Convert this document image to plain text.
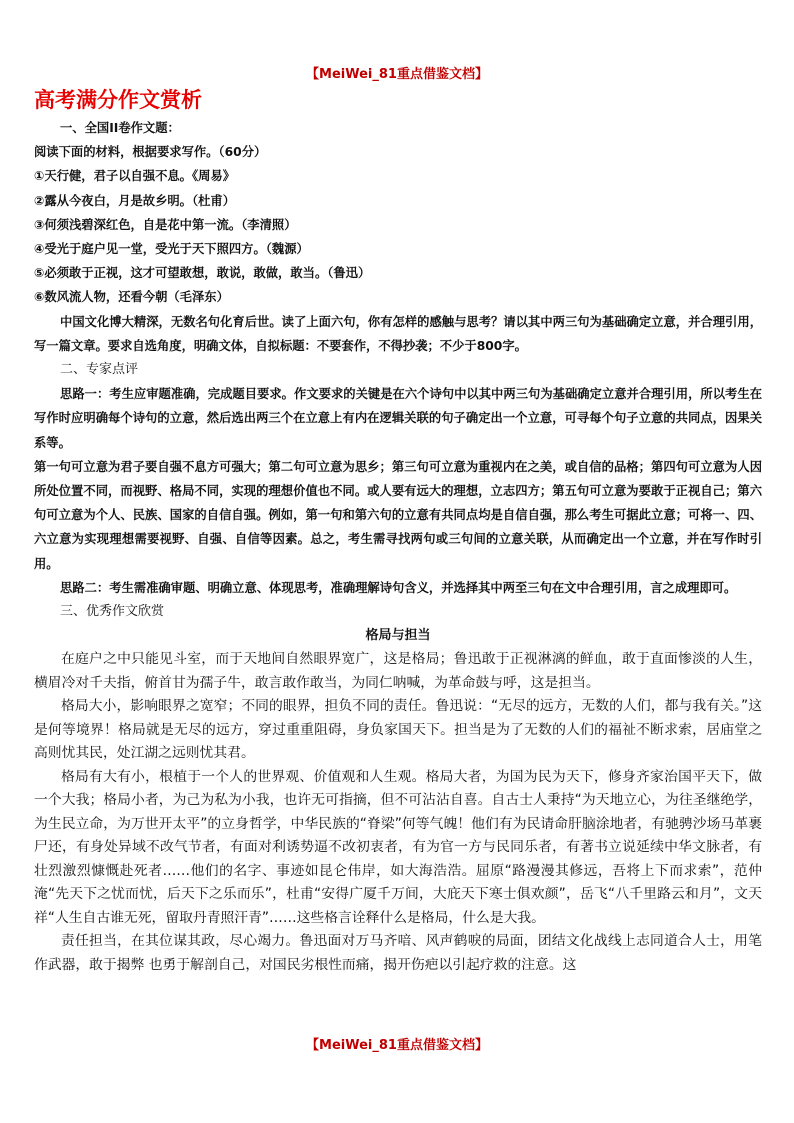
【MeiWei_81重点借鉴文档】
高考满分作文赏析

一、全国II卷作文题：

阅读下面的材料，根据要求写作。（60分）

①天行健，君子以自强不息。《周易》

②露从今夜白，月是故乡明。（杜甫）

③何须浅碧深红色，自是花中第一流。（李清照）

④受光于庭户见一堂，受光于天下照四方。（魏源）

⑤必须敢于正视，这才可望敢想，敢说，敢做，敢当。（鲁迅）

⑥数风流人物，还看今朝（毛泽东）

中国文化博大精深，无数名句化育后世。读了上面六句，你有怎样的感触与思考？请以其中两三句为基础确定立意，并合理引用，写一篇文章。要求自选角度，明确文体，自拟标题：不要套作，不得抄袭；不少于800字。

二、专家点评

思路一：考生应审题准确，完成题目要求。作文要求的关键是在六个诗句中以其中两三句为基础确定立意并合理引用，所以考生在写作时应明确每个诗句的立意，然后选出两三个在立意上有内在逻辑关联的句子确定出一个立意，可寻每个句子立意的共同点，因果关系等。

第一句可立意为君子要自强不息方可强大；第二句可立意为思乡；第三句可立意为重视内在之美，或自信的品格；第四句可立意为人因所处位置不同，而视野、格局不同，实现的理想价值也不同。或人要有远大的理想，立志四方；第五句可立意为要敢于正视自己；第六句可立意为个人、民族、国家的自信自强。例如，第一句和第六句的立意有共同点均是自信自强，那么考生可据此立意；可将一、四、六立意为实现理想需要视野、自强、自信等因素。总之，考生需寻找两句或三句间的立意关联，从而确定出一个立意，并在写作时引用。

思路二：考生需准确审题、明确立意、体现思考，准确理解诗句含义，并选择其中两至三句在文中合理引用，言之成理即可。

三、优秀作文欣赏

格局与担当

在庭户之中只能见斗室，而于天地间自然眼界宽广，这是格局；鲁迅敢于正视淋漓的鲜血，敢于直面惨淡的人生，横眉冷对千夫指，俯首甘为孺子牛，敢言敢作敢当，为同仁呐喊，为革命鼓与呼，这是担当。

格局大小，影响眼界之宽窄；不同的眼界，担负不同的责任。鲁迅说：“无尽的远方，无数的人们，都与我有关。”这是何等境界！格局就是无尽的远方，穿过重重阻碍，身负家国天下。担当是为了无数的人们的福祉不断求索，居庙堂之高则忧其民，处江湖之远则忧其君。

格局有大有小，根植于一个人的世界观、价值观和人生观。格局大者，为国为民为天下，修身齐家治国平天下，做一个大我；格局小者，为己为私为小我，也许无可指摘，但不可沾沾自喜。自古士人秉持“为天地立心，为往圣继绝学，为生民立命，为万世开太平”的立身哲学，中华民族的“脊梁”何等气魄！他们有为民请命肝脑涂地者，有驰骋沙场马革裹尸还，有身处异域不改气节者，有面对利诱势逼不改初衷者，有为官一方与民同乐者，有著书立说延续中华文脉者，有壮烈激烈慷慨赴死者……他们的名字、事迹如昆仑伟岸，如大海浩浩。屈原“路漫漫其修远，吾将上下而求索”，范仲淹“先天下之忧而忧，后天下之乐而乐”，杜甫“安得广厦千万间，大庇天下寒士俱欢颜”，岳飞“八千里路云和月”，文天祥“人生自古谁无死，留取丹青照汗青”……这些格言诠释什么是格局，什么是大我。

责任担当，在其位谋其政，尽心竭力。鲁迅面对万马齐喑、风声鹤唳的局面，团结文化战线上志同道合人士，用笔作武器，敢于揭弊 也勇于解剖自己，对国民劣根性而痛，揭开伤疤以引起疗救的注意。这

【MeiWei_81重点借鉴文档】
